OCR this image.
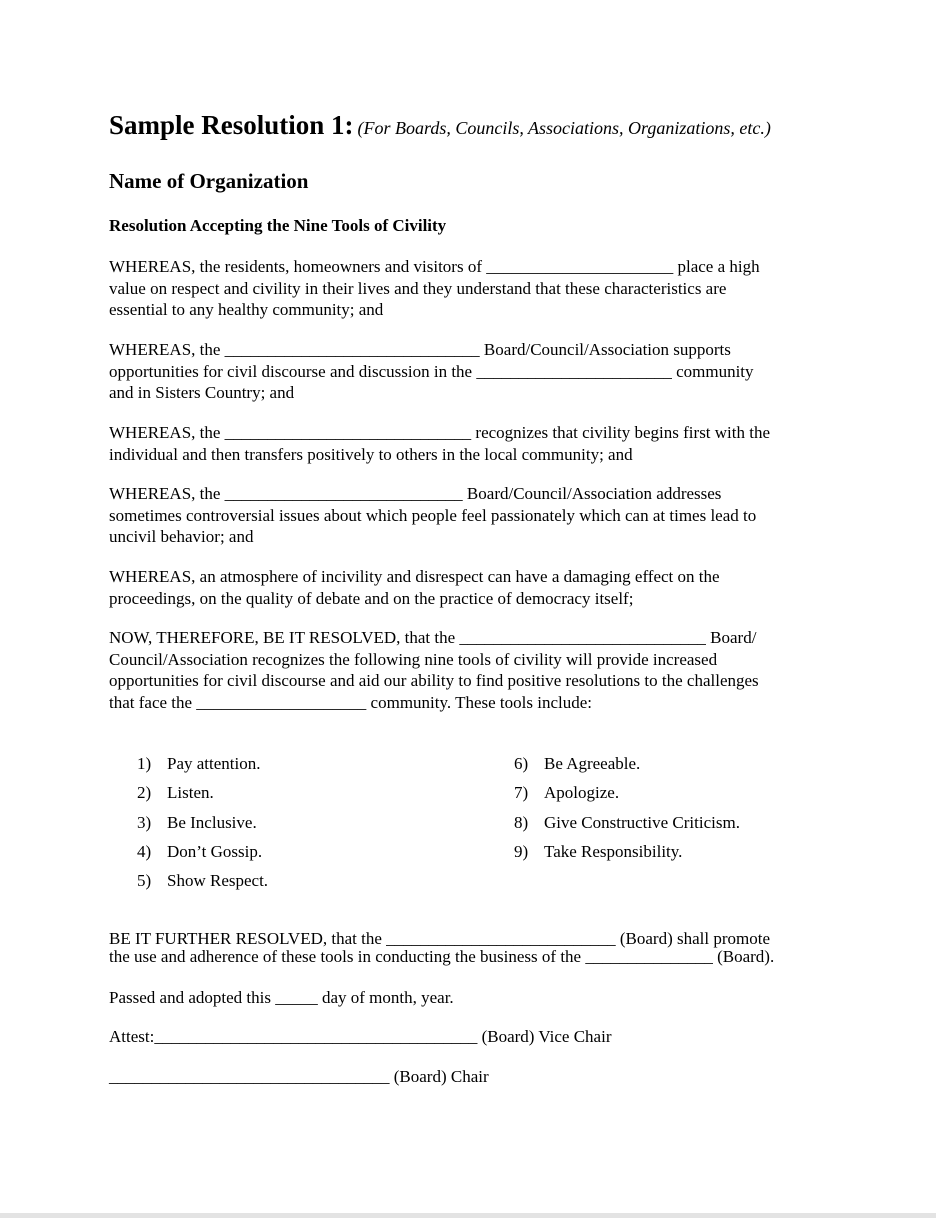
Sample Resolution 1: (For Boards, Councils, Associations, Organizations, etc.)
Name of Organization
Resolution Accepting the Nine Tools of Civility
WHEREAS, the residents, homeowners and visitors of ______________________ place a high
value on respect and civility in their lives and they understand that these characteristics are
essential to any healthy community; and
WHEREAS, the ______________________________ Board/Council/Association supports
opportunities for civil discourse and discussion in the _______________________ community
and in Sisters Country; and
WHEREAS, the _____________________________ recognizes that civility begins first with the
individual and then transfers positively to others in the local community; and
WHEREAS, the ____________________________ Board/Council/Association addresses
sometimes controversial issues about which people feel passionately which can at times lead to
uncivil behavior; and
WHEREAS, an atmosphere of incivility and disrespect can have a damaging effect on the
proceedings, on the quality of debate and on the practice of democracy itself;
NOW, THEREFORE, BE IT RESOLVED, that the _____________________________ Board/
Council/Association recognizes the following nine tools of civility will provide increased
opportunities for civil discourse and aid our ability to find positive resolutions to the challenges
that face the ____________________ community. These tools include:
1) Pay attention.
2) Listen.
3) Be Inclusive.
4) Don’t Gossip.
5) Show Respect.
6) Be Agreeable.
7) Apologize.
8) Give Constructive Criticism.
9) Take Responsibility.
BE IT FURTHER RESOLVED, that the ___________________________ (Board) shall promote
the use and adherence of these tools in conducting the business of the _______________ (Board).
Passed and adopted this _____ day of month, year.
Attest:______________________________________ (Board) Vice Chair
_________________________________ (Board) Chair
